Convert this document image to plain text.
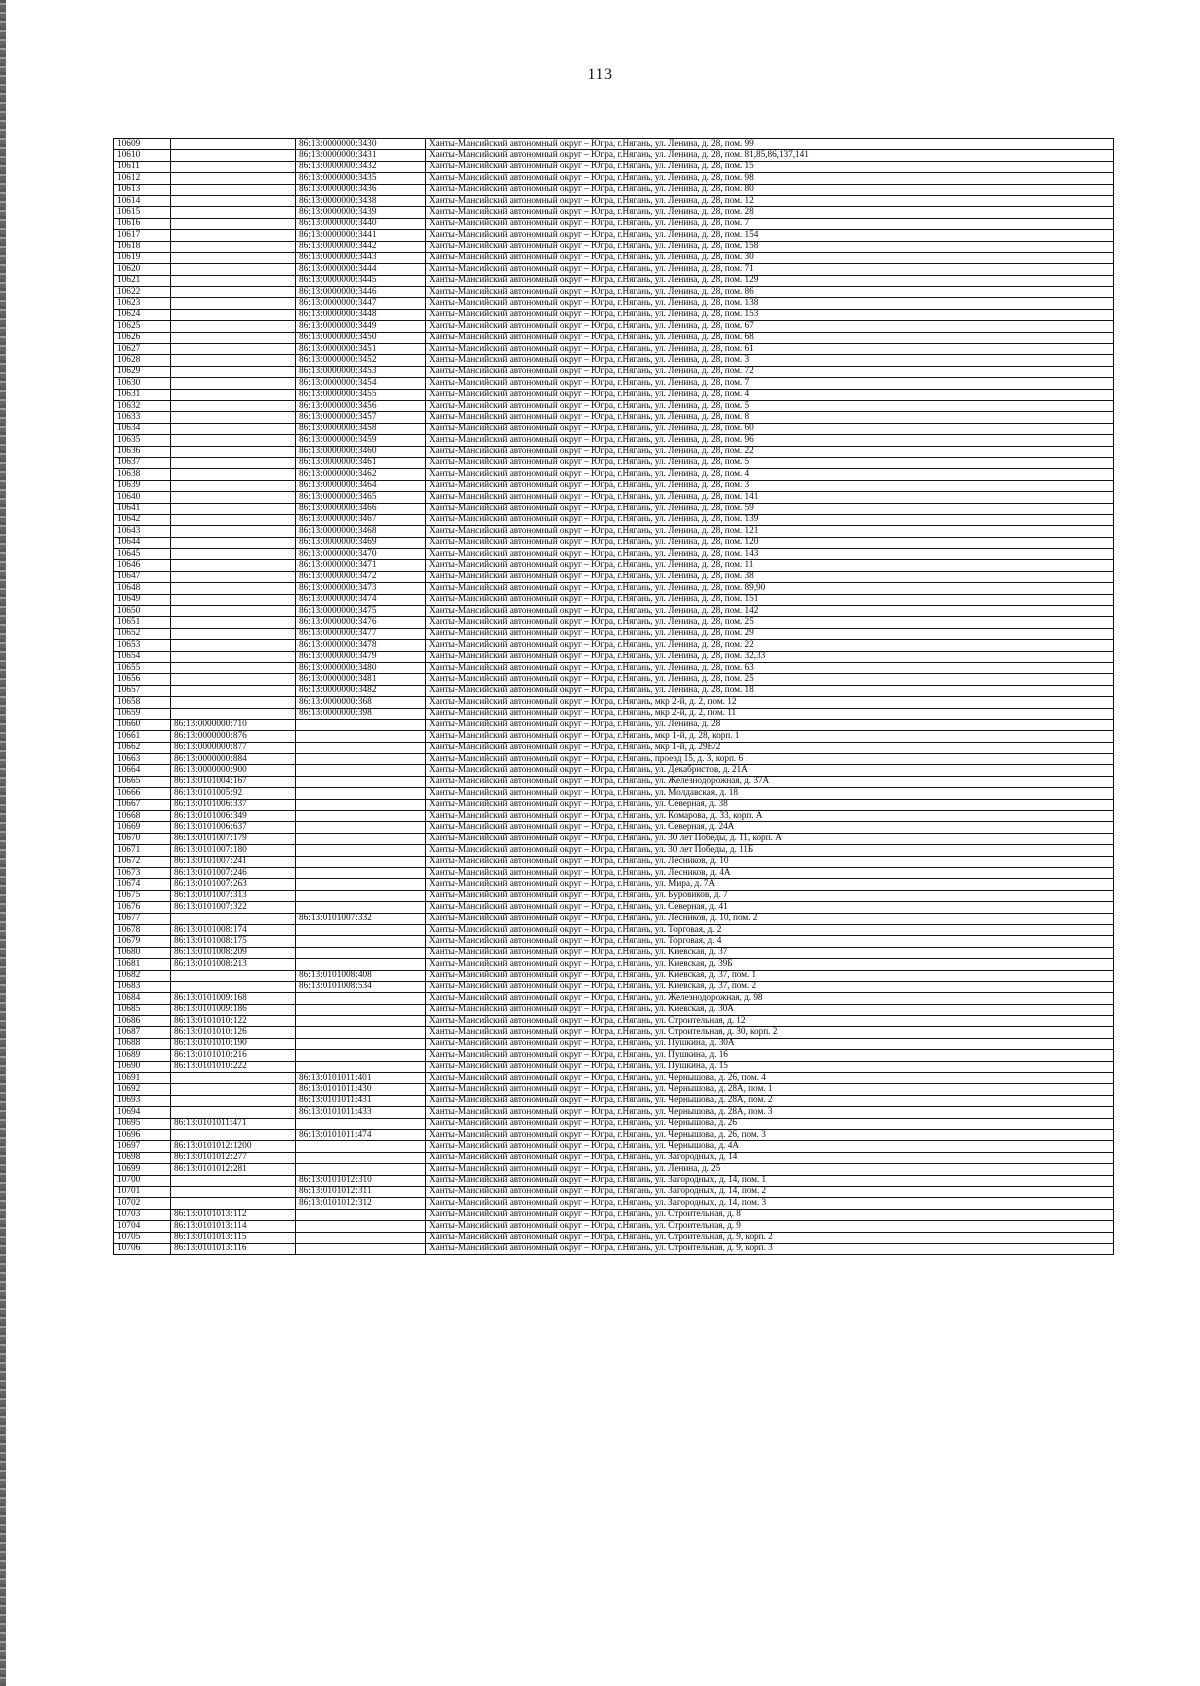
113
10609		86:13:0000000:3430	Ханты-Мансийский автономный округ – Югра, г.Нягань, ул. Ленина, д. 28, пом. 99
10610		86:13:0000000:3431	Ханты-Мансийский автономный округ – Югра, г.Нягань, ул. Ленина, д. 28, пом. 81,85,86,137,141
10611		86:13:0000000:3432	Ханты-Мансийский автономный округ – Югра, г.Нягань, ул. Ленина, д. 28, пом. 15
10612		86:13:0000000:3435	Ханты-Мансийский автономный округ – Югра, г.Нягань, ул. Ленина, д. 28, пом. 98
10613		86:13:0000000:3436	Ханты-Мансийский автономный округ – Югра, г.Нягань, ул. Ленина, д. 28, пом. 80
10614		86:13:0000000:3438	Ханты-Мансийский автономный округ – Югра, г.Нягань, ул. Ленина, д. 28, пом. 12
10615		86:13:0000000:3439	Ханты-Мансийский автономный округ – Югра, г.Нягань, ул. Ленина, д. 28, пом. 28
10616		86:13:0000000:3440	Ханты-Мансийский автономный округ – Югра, г.Нягань, ул. Ленина, д. 28, пом. 7
10617		86:13:0000000:3441	Ханты-Мансийский автономный округ – Югра, г.Нягань, ул. Ленина, д. 28, пом. 154
10618		86:13:0000000:3442	Ханты-Мансийский автономный округ – Югра, г.Нягань, ул. Ленина, д. 28, пом. 158
10619		86:13:0000000:3443	Ханты-Мансийский автономный округ – Югра, г.Нягань, ул. Ленина, д. 28, пом. 30
10620		86:13:0000000:3444	Ханты-Мансийский автономный округ – Югра, г.Нягань, ул. Ленина, д. 28, пом. 71
10621		86:13:0000000:3445	Ханты-Мансийский автономный округ – Югра, г.Нягань, ул. Ленина, д. 28, пом. 129
10622		86:13:0000000:3446	Ханты-Мансийский автономный округ – Югра, г.Нягань, ул. Ленина, д. 28, пом. 86
10623		86:13:0000000:3447	Ханты-Мансийский автономный округ – Югра, г.Нягань, ул. Ленина, д. 28, пом. 138
10624		86:13:0000000:3448	Ханты-Мансийский автономный округ – Югра, г.Нягань, ул. Ленина, д. 28, пом. 153
10625		86:13:0000000:3449	Ханты-Мансийский автономный округ – Югра, г.Нягань, ул. Ленина, д. 28, пом. 67
10626		86:13:0000000:3450	Ханты-Мансийский автономный округ – Югра, г.Нягань, ул. Ленина, д. 28, пом. 68
10627		86:13:0000000:3451	Ханты-Мансийский автономный округ – Югра, г.Нягань, ул. Ленина, д. 28, пом. 61
10628		86:13:0000000:3452	Ханты-Мансийский автономный округ – Югра, г.Нягань, ул. Ленина, д. 28, пом. 3
10629		86:13:0000000:3453	Ханты-Мансийский автономный округ – Югра, г.Нягань, ул. Ленина, д. 28, пом. 72
10630		86:13:0000000:3454	Ханты-Мансийский автономный округ – Югра, г.Нягань, ул. Ленина, д. 28, пом. 7
10631		86:13:0000000:3455	Ханты-Мансийский автономный округ – Югра, г.Нягань, ул. Ленина, д. 28, пом. 4
10632		86:13:0000000:3456	Ханты-Мансийский автономный округ – Югра, г.Нягань, ул. Ленина, д. 28, пом. 5
10633		86:13:0000000:3457	Ханты-Мансийский автономный округ – Югра, г.Нягань, ул. Ленина, д. 28, пом. 8
10634		86:13:0000000:3458	Ханты-Мансийский автономный округ – Югра, г.Нягань, ул. Ленина, д. 28, пом. 60
10635		86:13:0000000:3459	Ханты-Мансийский автономный округ – Югра, г.Нягань, ул. Ленина, д. 28, пом. 96
10636		86:13:0000000:3460	Ханты-Мансийский автономный округ – Югра, г.Нягань, ул. Ленина, д. 28, пом. 22
10637		86:13:0000000:3461	Ханты-Мансийский автономный округ – Югра, г.Нягань, ул. Ленина, д. 28, пом. 5
10638		86:13:0000000:3462	Ханты-Мансийский автономный округ – Югра, г.Нягань, ул. Ленина, д. 28, пом. 4
10639		86:13:0000000:3464	Ханты-Мансийский автономный округ – Югра, г.Нягань, ул. Ленина, д. 28, пом. 3
10640		86:13:0000000:3465	Ханты-Мансийский автономный округ – Югра, г.Нягань, ул. Ленина, д. 28, пом. 141
10641		86:13:0000000:3466	Ханты-Мансийский автономный округ – Югра, г.Нягань, ул. Ленина, д. 28, пом. 59
10642		86:13:0000000:3467	Ханты-Мансийский автономный округ – Югра, г.Нягань, ул. Ленина, д. 28, пом. 139
10643		86:13:0000000:3468	Ханты-Мансийский автономный округ – Югра, г.Нягань, ул. Ленина, д. 28, пом. 121
10644		86:13:0000000:3469	Ханты-Мансийский автономный округ – Югра, г.Нягань, ул. Ленина, д. 28, пом. 120
10645		86:13:0000000:3470	Ханты-Мансийский автономный округ – Югра, г.Нягань, ул. Ленина, д. 28, пом. 143
10646		86:13:0000000:3471	Ханты-Мансийский автономный округ – Югра, г.Нягань, ул. Ленина, д. 28, пом. 11
10647		86:13:0000000:3472	Ханты-Мансийский автономный округ – Югра, г.Нягань, ул. Ленина, д. 28, пом. 38
10648		86:13:0000000:3473	Ханты-Мансийский автономный округ – Югра, г.Нягань, ул. Ленина, д. 28, пом. 89,90
10649		86:13:0000000:3474	Ханты-Мансийский автономный округ – Югра, г.Нягань, ул. Ленина, д. 28, пом. 151
10650		86:13:0000000:3475	Ханты-Мансийский автономный округ – Югра, г.Нягань, ул. Ленина, д. 28, пом. 142
10651		86:13:0000000:3476	Ханты-Мансийский автономный округ – Югра, г.Нягань, ул. Ленина, д. 28, пом. 25
10652		86:13:0000000:3477	Ханты-Мансийский автономный округ – Югра, г.Нягань, ул. Ленина, д. 28, пом. 29
10653		86:13:0000000:3478	Ханты-Мансийский автономный округ – Югра, г.Нягань, ул. Ленина, д. 28, пом. 22
10654		86:13:0000000:3479	Ханты-Мансийский автономный округ – Югра, г.Нягань, ул. Ленина, д. 28, пом. 32,33
10655		86:13:0000000:3480	Ханты-Мансийский автономный округ – Югра, г.Нягань, ул. Ленина, д. 28, пом. 63
10656		86:13:0000000:3481	Ханты-Мансийский автономный округ – Югра, г.Нягань, ул. Ленина, д. 28, пом. 25
10657		86:13:0000000:3482	Ханты-Мансийский автономный округ – Югра, г.Нягань, ул. Ленина, д. 28, пом. 18
10658		86:13:0000000:368	Ханты-Мансийский автономный округ – Югра, г.Нягань, мкр 2-й, д. 2, пом. 12
10659		86:13:0000000:398	Ханты-Мансийский автономный округ – Югра, г.Нягань, мкр 2-й, д. 2, пом. 11
10660	86:13:0000000:710		Ханты-Мансийский автономный округ – Югра, г.Нягань, ул. Ленина, д. 28
10661	86:13:0000000:876		Ханты-Мансийский автономный округ – Югра, г.Нягань, мкр 1-й, д. 28, корп. 1
10662	86:13:0000000:877		Ханты-Мансийский автономный округ – Югра, г.Нягань, мкр 1-й, д. 29Е/2
10663	86:13:0000000:884		Ханты-Мансийский автономный округ – Югра, г.Нягань, проезд 15, д. 3, корп. 6
10664	86:13:0000000:900		Ханты-Мансийский автономный округ – Югра, г.Нягань, ул. Декабристов, д. 21А
10665	86:13:0101004:167		Ханты-Мансийский автономный округ – Югра, г.Нягань, ул. Железнодорожная, д. 37А
10666	86:13:0101005:92		Ханты-Мансийский автономный округ – Югра, г.Нягань, ул. Молдавская, д. 18
10667	86:13:0101006:337		Ханты-Мансийский автономный округ – Югра, г.Нягань, ул. Северная, д. 38
10668	86:13:0101006:349		Ханты-Мансийский автономный округ – Югра, г.Нягань, ул. Комарова, д. 33, корп. А
10669	86:13:0101006:637		Ханты-Мансийский автономный округ – Югра, г.Нягань, ул. Северная, д. 24А
10670	86:13:0101007:179		Ханты-Мансийский автономный округ – Югра, г.Нягань, ул. 30 лет Победы, д. 11, корп. А
10671	86:13:0101007:180		Ханты-Мансийский автономный округ – Югра, г.Нягань, ул. 30 лет Победы, д. 11Б
10672	86:13:0101007:241		Ханты-Мансийский автономный округ – Югра, г.Нягань, ул. Лесников, д. 10
10673	86:13:0101007:246		Ханты-Мансийский автономный округ – Югра, г.Нягань, ул. Лесников, д. 4А
10674	86:13:0101007:263		Ханты-Мансийский автономный округ – Югра, г.Нягань, ул. Мира, д. 7А
10675	86:13:0101007:313		Ханты-Мансийский автономный округ – Югра, г.Нягань, ул. Буровиков, д. 7
10676	86:13:0101007:322		Ханты-Мансийский автономный округ – Югра, г.Нягань, ул. Северная, д. 41
10677		86:13:0101007:332	Ханты-Мансийский автономный округ – Югра, г.Нягань, ул. Лесников, д. 10, пом. 2
10678	86:13:0101008:174		Ханты-Мансийский автономный округ – Югра, г.Нягань, ул. Торговая, д. 2
10679	86:13:0101008:175		Ханты-Мансийский автономный округ – Югра, г.Нягань, ул. Торговая, д. 4
10680	86:13:0101008:209		Ханты-Мансийский автономный округ – Югра, г.Нягань, ул. Киевская, д. 37
10681	86:13:0101008:213		Ханты-Мансийский автономный округ – Югра, г.Нягань, ул. Киевская, д. 39Б
10682		86:13:0101008:408	Ханты-Мансийский автономный округ – Югра, г.Нягань, ул. Киевская, д. 37, пом. 1
10683		86:13:0101008:534	Ханты-Мансийский автономный округ – Югра, г.Нягань, ул. Киевская, д. 37, пом. 2
10684	86:13:0101009:168		Ханты-Мансийский автономный округ – Югра, г.Нягань, ул. Железнодорожная, д. 98
10685	86:13:0101009:186		Ханты-Мансийский автономный округ – Югра, г.Нягань, ул. Киевская, д. 30А
10686	86:13:0101010:122		Ханты-Мансийский автономный округ – Югра, г.Нягань, ул. Строительная, д. 12
10687	86:13:0101010:126		Ханты-Мансийский автономный округ – Югра, г.Нягань, ул. Строительная, д. 30, корп. 2
10688	86:13:0101010:190		Ханты-Мансийский автономный округ – Югра, г.Нягань, ул. Пушкина, д. 30А
10689	86:13:0101010:216		Ханты-Мансийский автономный округ – Югра, г.Нягань, ул. Пушкина, д. 16
10690	86:13:0101010:222		Ханты-Мансийский автономный округ – Югра, г.Нягань, ул. Пушкина, д. 15
10691		86:13:0101011:401	Ханты-Мансийский автономный округ – Югра, г.Нягань, ул. Чернышова, д. 26, пом. 4
10692		86:13:0101011:430	Ханты-Мансийский автономный округ – Югра, г.Нягань, ул. Чернышова, д. 28А, пом. 1
10693		86:13:0101011:431	Ханты-Мансийский автономный округ – Югра, г.Нягань, ул. Чернышова, д. 28А, пом. 2
10694		86:13:0101011:433	Ханты-Мансийский автономный округ – Югра, г.Нягань, ул. Чернышова, д. 28А, пом. 3
10695	86:13:0101011:471		Ханты-Мансийский автономный округ – Югра, г.Нягань, ул. Чернышова, д. 26
10696		86:13:0101011:474	Ханты-Мансийский автономный округ – Югра, г.Нягань, ул. Чернышова, д. 26, пом. 3
10697	86:13:0101012:1200		Ханты-Мансийский автономный округ – Югра, г.Нягань, ул. Чернышова, д. 4А
10698	86:13:0101012:277		Ханты-Мансийский автономный округ – Югра, г.Нягань, ул. Загородных, д. 14
10699	86:13:0101012:281		Ханты-Мансийский автономный округ – Югра, г.Нягань, ул. Ленина, д. 25
10700		86:13:0101012:310	Ханты-Мансийский автономный округ – Югра, г.Нягань, ул. Загородных, д. 14, пом. 1
10701		86:13:0101012:311	Ханты-Мансийский автономный округ – Югра, г.Нягань, ул. Загородных, д. 14, пом. 2
10702		86:13:0101012:312	Ханты-Мансийский автономный округ – Югра, г.Нягань, ул. Загородных, д. 14, пом. 3
10703	86:13:0101013:112		Ханты-Мансийский автономный округ – Югра, г.Нягань, ул. Строительная, д. 8
10704	86:13:0101013:114		Ханты-Мансийский автономный округ – Югра, г.Нягань, ул. Строительная, д. 9
10705	86:13:0101013:115		Ханты-Мансийский автономный округ – Югра, г.Нягань, ул. Строительная, д. 9, корп. 2
10706	86:13:0101013:116		Ханты-Мансийский автономный округ – Югра, г.Нягань, ул. Строительная, д. 9, корп. 3
